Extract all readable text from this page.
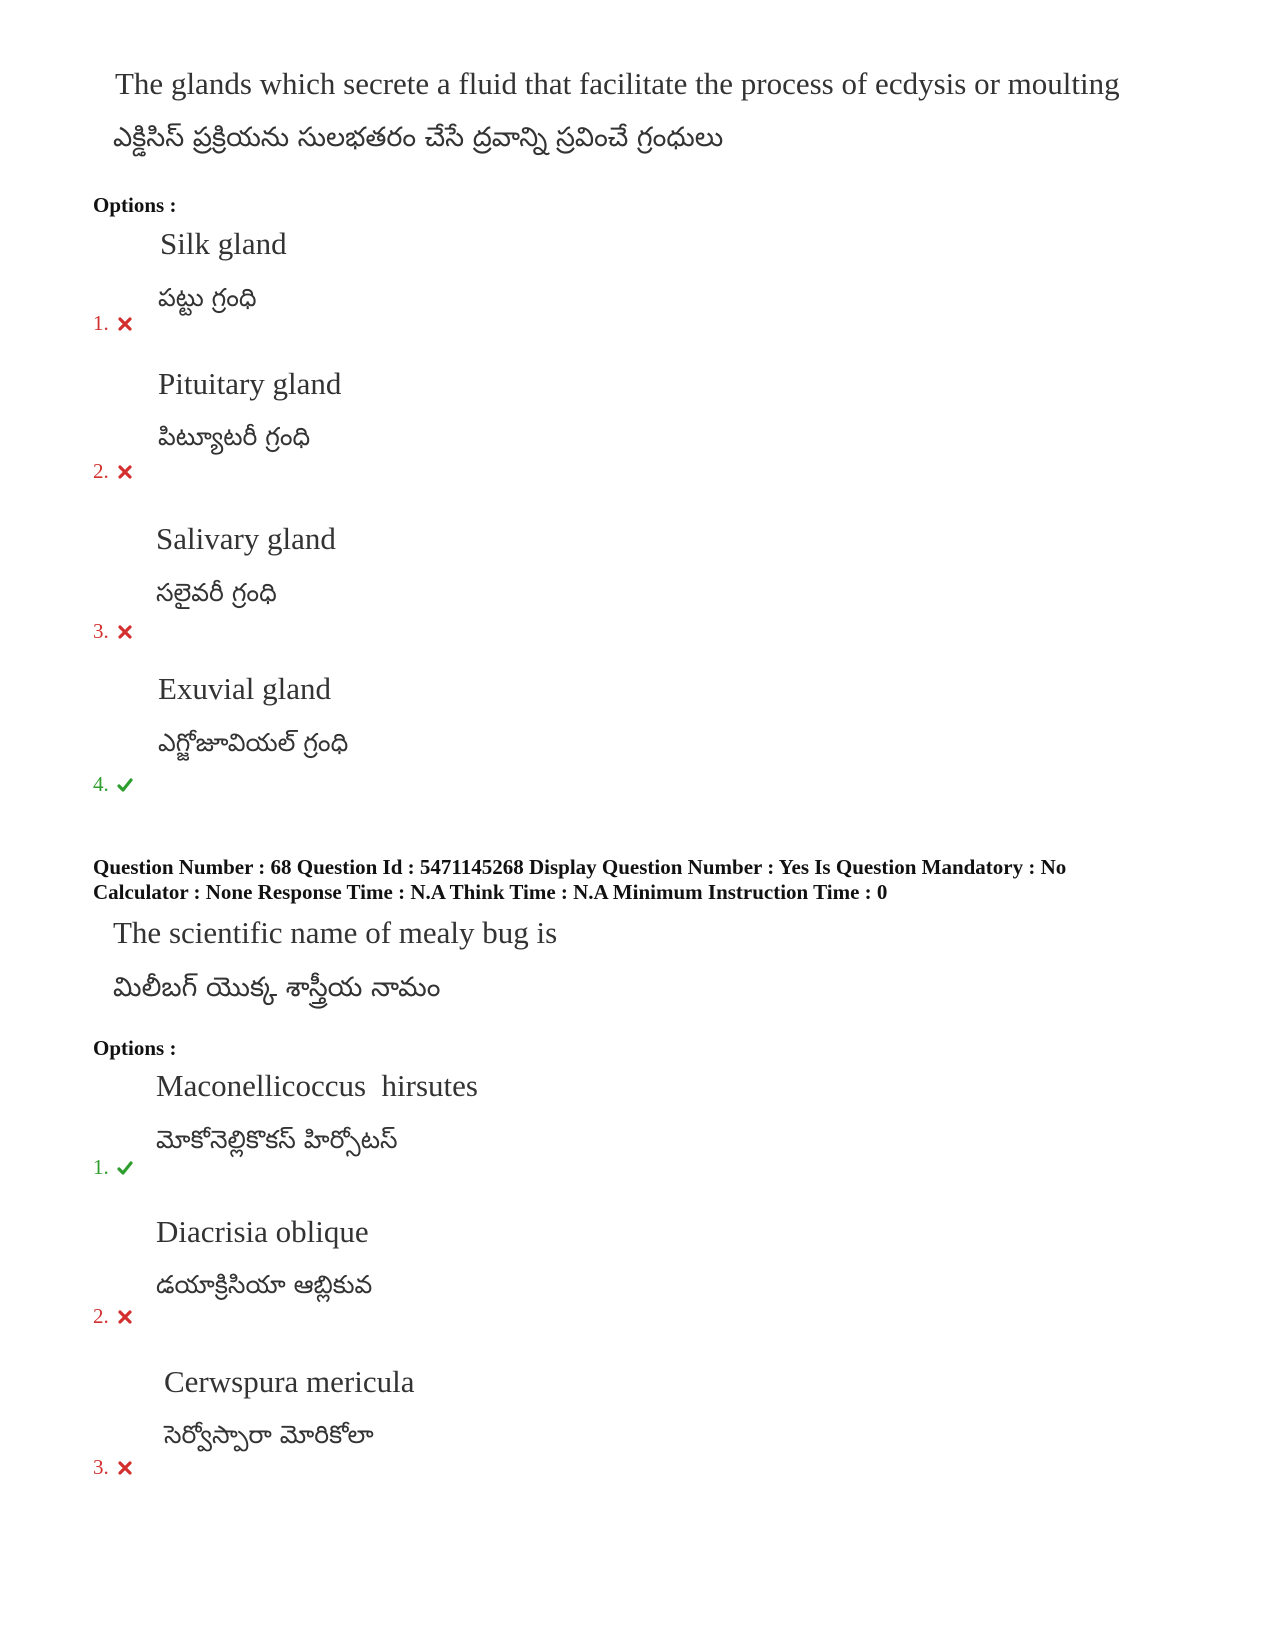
The glands which secrete a fluid that facilitate the process of ecdysis or moulting
ఎక్డిసిస్ ప్రక్రియను సులభతరం చేసే ద్రవాన్ని స్రవించే గ్రంధులు
Options :
Silk gland
పట్టు గ్రంధి
1.
Pituitary gland
పిట్యూటరీ గ్రంధి
2.
Salivary gland
సలైవరీ గ్రంధి
3.
Exuvial gland
ఎగ్జోజూవియల్ గ్రంధి
4.
Question Number : 68 Question Id : 5471145268 Display Question Number : Yes Is Question Mandatory : No
Calculator : None Response Time : N.A Think Time : N.A Minimum Instruction Time : 0
The scientific name of mealy bug is
మిలీబగ్ యొక్క శాస్త్రీయ నామం
Options :
Maconellicoccus  hirsutes
మోకోనెల్లికొకస్ హిర్సోటస్
1.
Diacrisia oblique
డయాక్రిసియా ఆబ్లికువ
2.
Cerwspura mericula
సెర్వోస్పారా మోరికోలా
3.
